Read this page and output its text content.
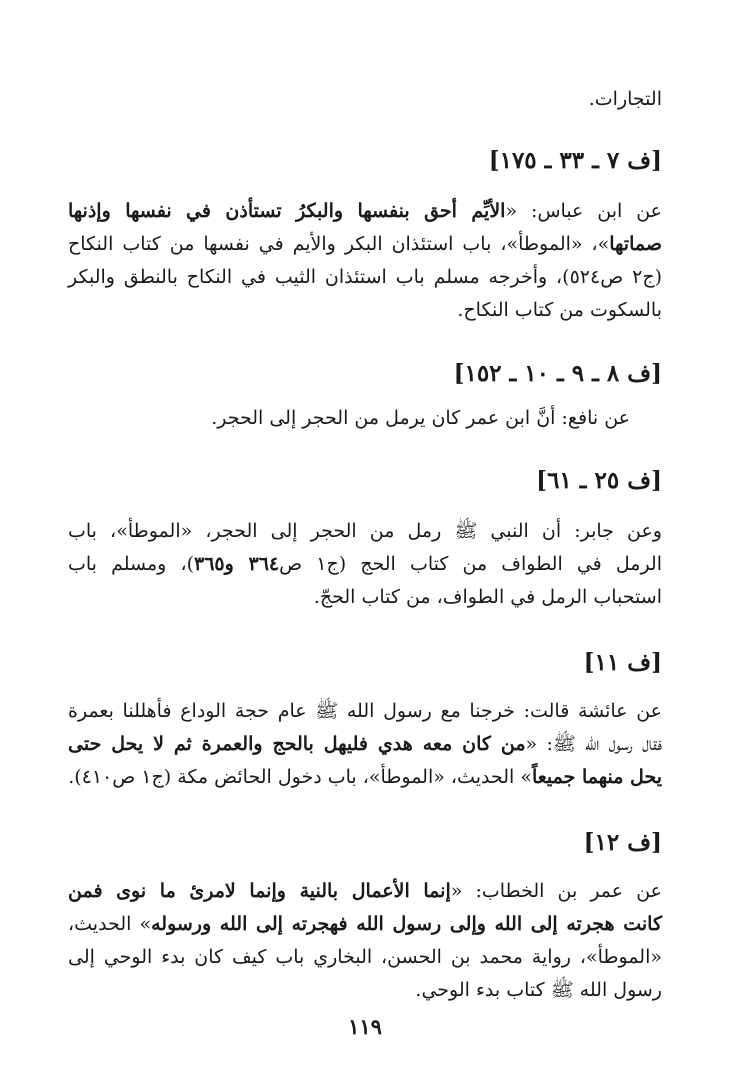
التجارات.
[ف ٧ ـ ٣٣ ـ ١٧٥]
عن ابن عباس: «الأيِّم أحق بنفسها والبكرُ تستأذن في نفسها وإذنها
صماتها»، «الموطأ»، باب استئذان البكر والأيم في نفسها من كتاب النكاح
(ج٢ ص٥٢٤)، وأخرجه مسلم باب استئذان الثيب في النكاح بالنطق والبكر
بالسكوت من كتاب النكاح.
[ف ٨ ـ ٩ ـ ١٠ ـ ١٥٢]
عن نافع: أنَّ ابن عمر كان يرمل من الحجر إلى الحجر.
[ف ٢٥ ـ ٦١]
وعن جابر: أن النبي ﷺ رمل من الحجر إلى الحجر، «الموطأ»، باب
الرمل في الطواف من كتاب الحج (ج١ ص٣٦٤ و٣٦٥)، ومسلم باب
استحباب الرمل في الطواف، من كتاب الحجّ.
[ف ١١]
عن عائشة قالت: خرجنا مع رسول الله ﷺ عام حجة الوداع فأهللنا بعمرة
فقال رسول الله ﷺ: «من كان معه هدي فليهل بالحج والعمرة ثم لا يحل حتى
يحل منهما جميعاً» الحديث، «الموطأ»، باب دخول الحائض مكة (ج١ ص٤١٠).
[ف ١٢]
عن عمر بن الخطاب: «إنما الأعمال بالنية وإنما لامرئ ما نوى فمن
كانت هجرته إلى الله وإلى رسول الله فهجرته إلى الله ورسوله» الحديث،
«الموطأ»، رواية محمد بن الحسن، البخاري باب كيف كان بدء الوحي إلى
رسول الله ﷺ كتاب بدء الوحي.
١١٩
